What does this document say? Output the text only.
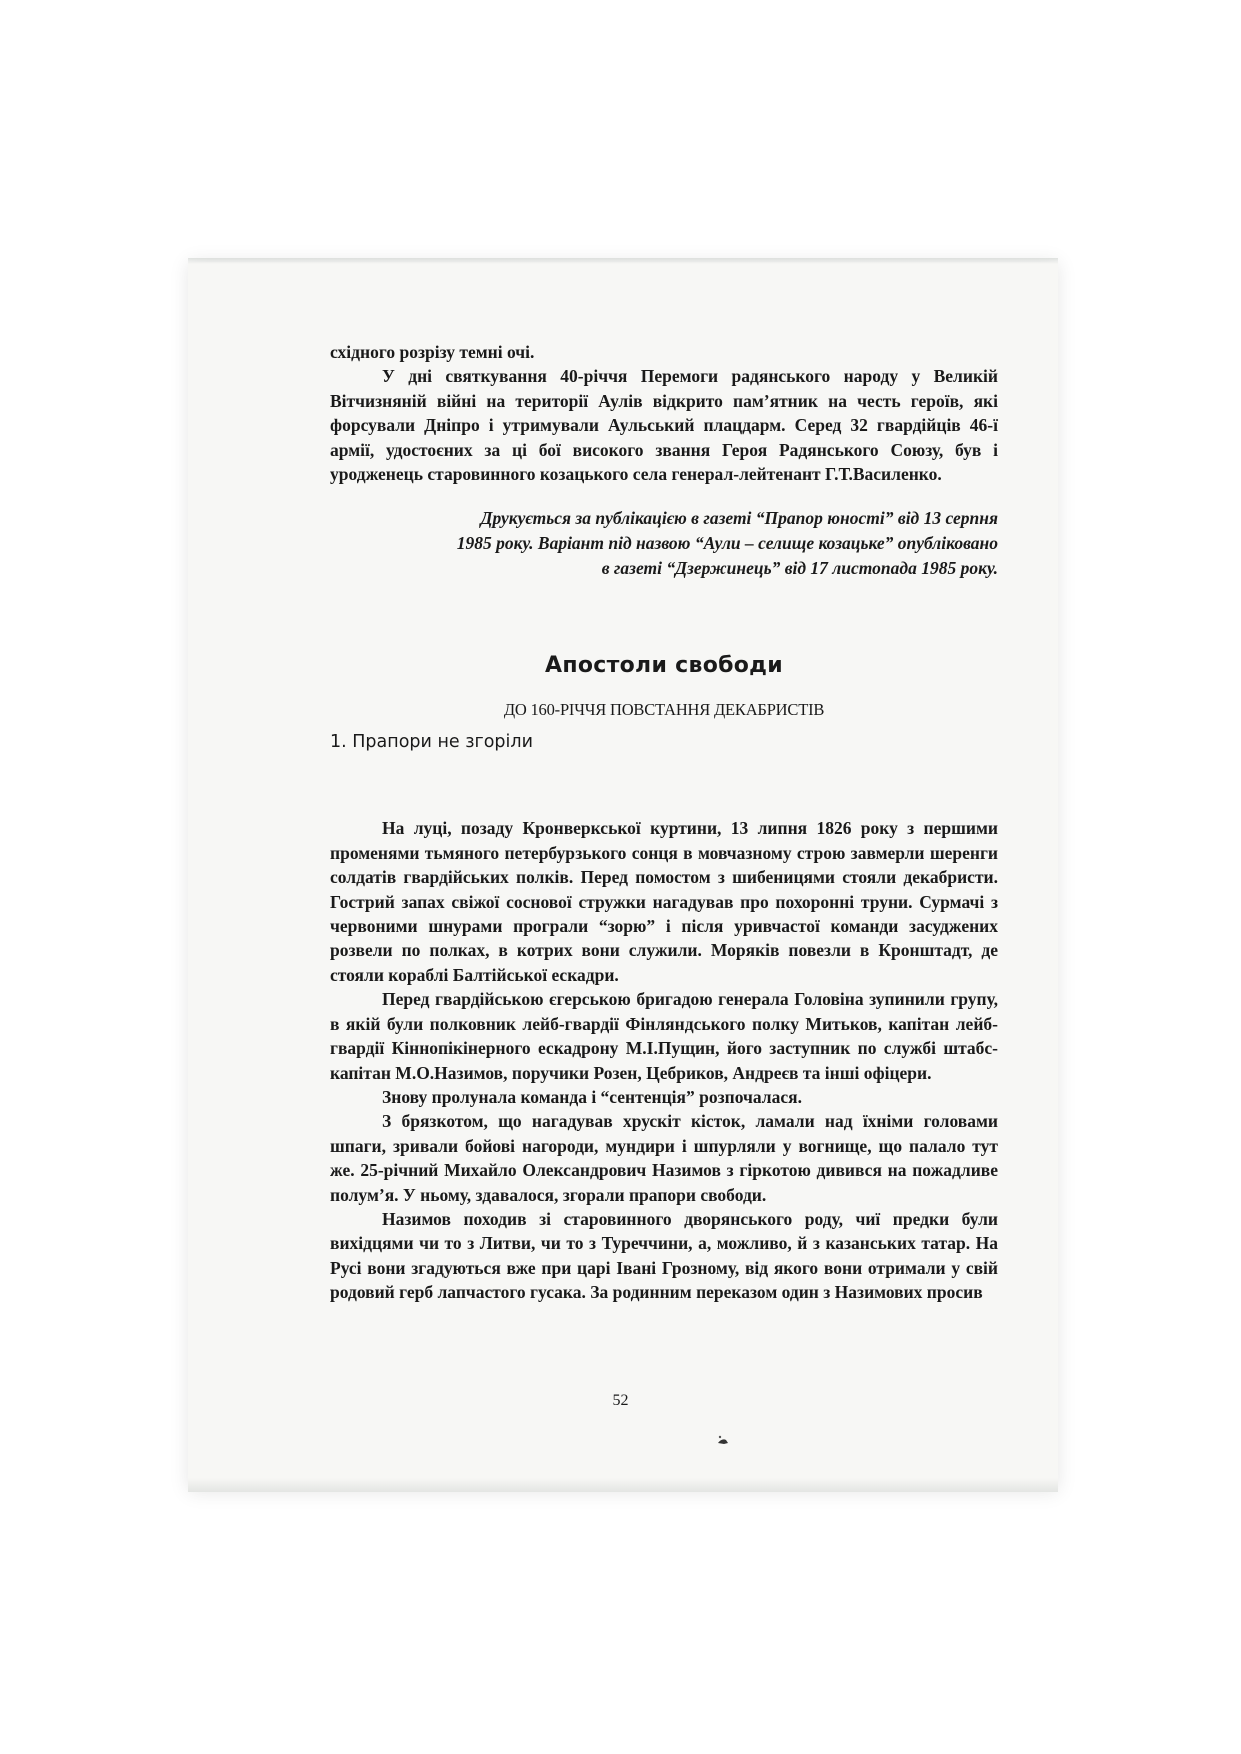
східного розрізу темні очі.

У дні святкування 40-річчя Перемоги радянського народу у Великій Вітчизняній війні на території Аулів відкрито пам’ятник на честь героїв, які форсували Дніпро і утримували Аульський плацдарм. Серед 32 гвардійців 46-ї армії, удостоєних за ці бої високого звання Героя Радянського Союзу, був і уродженець старовинного козацького села генерал-лейтенант Г.Т.Василенко.

Друкується за публікацією в газеті “Прапор юності” від 13 серпня 1985 року. Варіант під назвою “Аули – селище козацьке” опубліковано в газеті “Дзержинець” від 17 листопада 1985 року.

Апостоли свободи
ДО 160-РІЧЧЯ ПОВСТАННЯ ДЕКАБРИСТІВ
1. Прапори не згоріли

На луці, позаду Кронверкської куртини, 13 липня 1826 року з першими променями тьмяного петербурзького сонця в мовчазному строю завмерли шеренги солдатів гвардійських полків. Перед помостом з шибеницями стояли декабристи. Гострий запах свіжої соснової стружки нагадував про похоронні труни. Сурмачі з червоними шнурами програли “зорю” і після уривчастої команди засуджених розвели по полках, в котрих вони служили. Моряків повезли в Кронштадт, де стояли кораблі Балтійської ескадри.

Перед гвардійською єгерською бригадою генерала Головіна зупинили групу, в якій були полковник лейб-гвардії Фінляндського полку Митьков, капітан лейб-гвардії Кіннопікінерного ескадрону М.І.Пущин, його заступник по службі штабс-капітан М.О.Назимов, поручики Розен, Цебриков, Андреєв та інші офіцери.

Знову пролунала команда і “сентенція” розпочалася.

З брязкотом, що нагадував хрускіт кісток, ламали над їхніми головами шпаги, зривали бойові нагороди, мундири і шпурляли у вогнище, що палало тут же. 25-річний Михайло Олександрович Назимов з гіркотою дивився на пожадливе полум’я. У ньому, здавалося, згорали прапори свободи.

Назимов походив зі старовинного дворянського роду, чиї предки були вихідцями чи то з Литви, чи то з Туреччини, а, можливо, й з казанських татар. На Русі вони згадуються вже при царі Івані Грозному, від якого вони отримали у свій родовий герб лапчастого гусака. За родинним переказом один з Назимових просив

52
